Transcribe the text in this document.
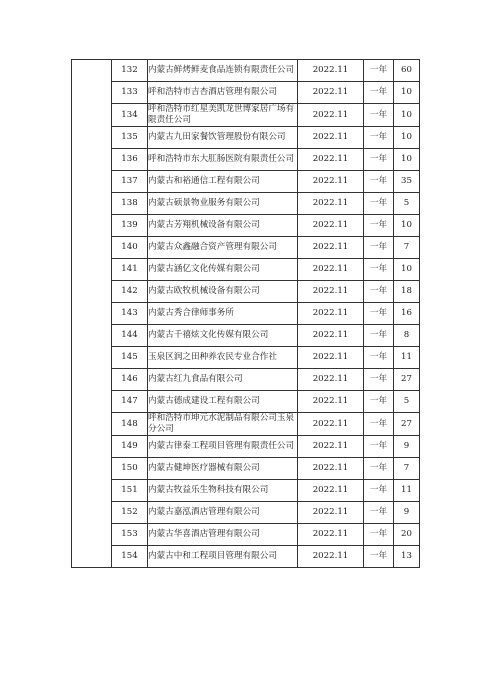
	132	内蒙古鲜烤鲜麦食品连锁有限责任公司	2022.11	一年	60
	133	呼和浩特市吉杏酒店管理有限公司	2022.11	一年	10
	134	呼和浩特市红星美凯龙世博家居广场有限责任公司	2022.11	一年	10
	135	内蒙古九田家餐饮管理股份有限公司	2022.11	一年	10
	136	呼和浩特市东大肛肠医院有限责任公司	2022.11	一年	10
	137	内蒙古和裕通信工程有限公司	2022.11	一年	35
	138	内蒙古硕景物业服务有限公司	2022.11	一年	5
	139	内蒙古芳翔机械设备有限公司	2022.11	一年	10
	140	内蒙古众鑫融合资产管理有限公司	2022.11	一年	7
	141	内蒙古涵亿文化传媒有限公司	2022.11	一年	10
	142	内蒙古欧牧机械设备有限公司	2022.11	一年	18
	143	内蒙古秀合律师事务所	2022.11	一年	16
	144	内蒙古千禧炫文化传媒有限公司	2022.11	一年	8
	145	玉泉区润之田种养农民专业合作社	2022.11	一年	11
	146	内蒙古红九食品有限公司	2022.11	一年	27
	147	内蒙古德成建设工程有限公司	2022.11	一年	5
	148	呼和浩特市坤元水泥制品有限公司玉泉分公司	2022.11	一年	27
	149	内蒙古律泰工程项目管理有限责任公司	2022.11	一年	9
	150	内蒙古健坤医疗器械有限公司	2022.11	一年	7
	151	内蒙古牧益乐生物科技有限公司	2022.11	一年	11
	152	内蒙古嘉泓酒店管理有限公司	2022.11	一年	9
	153	内蒙古华喜酒店管理有限公司	2022.11	一年	20
	154	内蒙古中和工程项目管理有限公司	2022.11	一年	13
